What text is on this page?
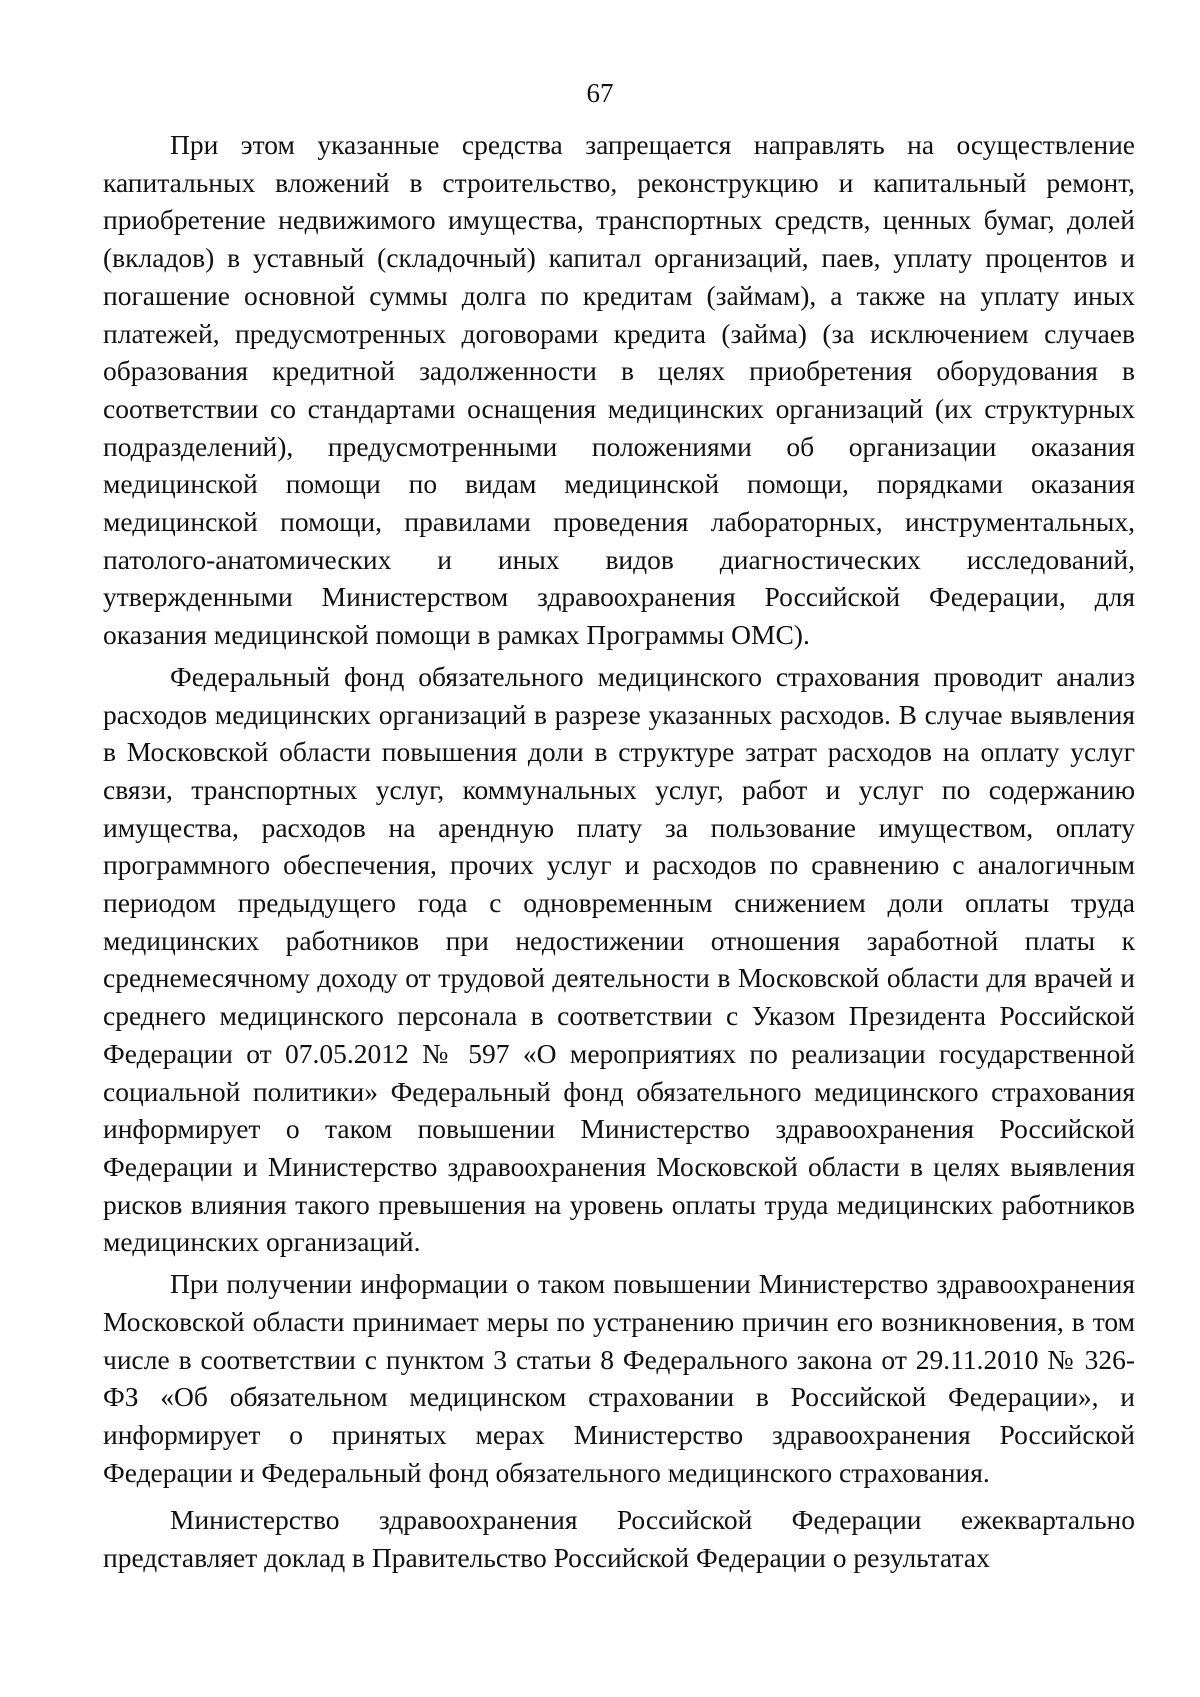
67

При этом указанные средства запрещается направлять на осуществление капитальных вложений в строительство, реконструкцию и капитальный ремонт, приобретение недвижимого имущества, транспортных средств, ценных бумаг, долей (вкладов) в уставный (складочный) капитал организаций, паев, уплату процентов и погашение основной суммы долга по кредитам (займам), а также на уплату иных платежей, предусмотренных договорами кредита (займа) (за исключением случаев образования кредитной задолженности в целях приобретения оборудования в соответствии со стандартами оснащения медицинских организаций (их структурных подразделений), предусмотренными положениями об организации оказания медицинской помощи по видам медицинской помощи, порядками оказания медицинской помощи, правилами проведения лабораторных, инструментальных, патолого-анатомических и иных видов диагностических исследований, утвержденными Министерством здравоохранения Российской Федерации, для оказания медицинской помощи в рамках Программы ОМС).

Федеральный фонд обязательного медицинского страхования проводит анализ расходов медицинских организаций в разрезе указанных расходов. В случае выявления в Московской области повышения доли в структуре затрат расходов на оплату услуг связи, транспортных услуг, коммунальных услуг, работ и услуг по содержанию имущества, расходов на арендную плату за пользование имуществом, оплату программного обеспечения, прочих услуг и расходов по сравнению с аналогичным периодом предыдущего года с одновременным снижением доли оплаты труда медицинских работников при недостижении отношения заработной платы к среднемесячному доходу от трудовой деятельности в Московской области для врачей и среднего медицинского персонала в соответствии с Указом Президента Российской Федерации от 07.05.2012 № 597 «О мероприятиях по реализации государственной социальной политики» Федеральный фонд обязательного медицинского страхования информирует о таком повышении Министерство здравоохранения Российской Федерации и Министерство здравоохранения Московской области в целях выявления рисков влияния такого превышения на уровень оплаты труда медицинских работников медицинских организаций.

При получении информации о таком повышении Министерство здравоохранения Московской области принимает меры по устранению причин его возникновения, в том числе в соответствии с пунктом 3 статьи 8 Федерального закона от 29.11.2010 № 326-ФЗ «Об обязательном медицинском страховании в Российской Федерации», и информирует о принятых мерах Министерство здравоохранения Российской Федерации и Федеральный фонд обязательного медицинского страхования.

Министерство здравоохранения Российской Федерации ежеквартально представляет доклад в Правительство Российской Федерации о результатах
